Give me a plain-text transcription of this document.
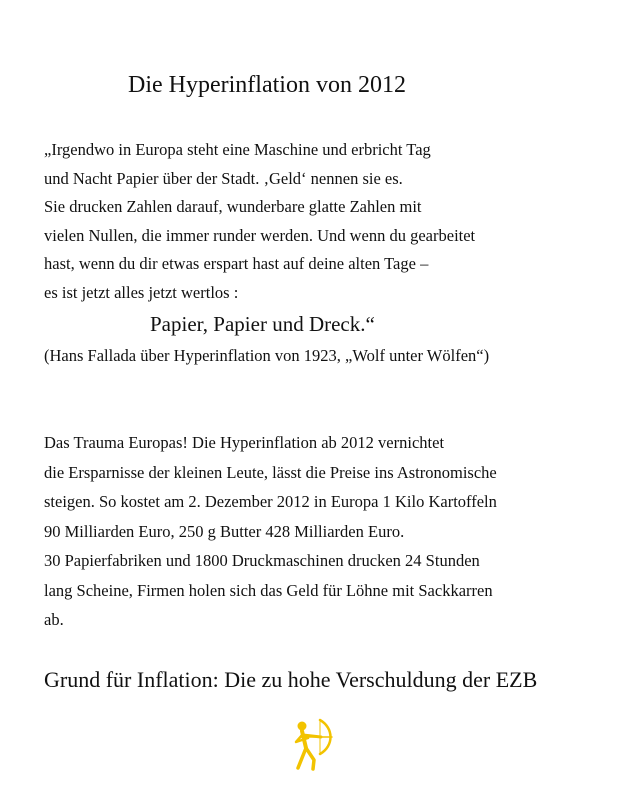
Die Hyperinflation von 2012
„Irgendwo in Europa steht eine Maschine und erbricht Tag
und Nacht Papier über der Stadt. ‚Geld‘ nennen sie es.
Sie drucken Zahlen darauf, wunderbare glatte Zahlen mit
vielen Nullen, die immer runder werden. Und wenn du gearbeitet
hast, wenn du dir etwas erspart hast auf deine alten Tage –
es ist jetzt alles jetzt wertlos :
Papier, Papier und Dreck.“
(Hans Fallada über Hyperinflation von 1923, „Wolf unter Wölfen“)
Das Trauma Europas! Die Hyperinflation ab 2012 vernichtet
die Ersparnisse der kleinen Leute, lässt die Preise ins Astronomische
steigen. So kostet am 2. Dezember 2012 in Europa 1 Kilo Kartoffeln
90 Milliarden Euro, 250 g Butter 428 Milliarden Euro.
30 Papierfabriken und 1800 Druckmaschinen drucken 24 Stunden
lang Scheine, Firmen holen sich das Geld für Löhne mit Sackkarren
ab.
Grund für Inflation: Die zu hohe Verschuldung der EZB
